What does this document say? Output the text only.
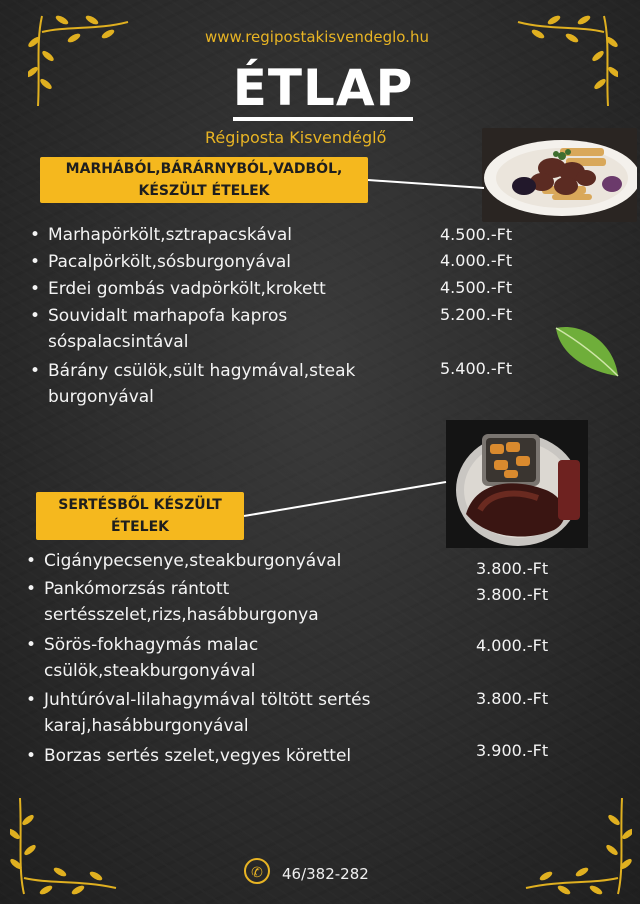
www.regipostakisvendeglo.hu
ÉTLAP
Régiposta Kisvendéglő
MARHÁBÓL,BÁRÁRNYBÓL,VADBÓL,
KÉSZÜLT ÉTELEK
• Marhapörkölt,sztrapacskával	4.500.-Ft
• Pacalpörkölt,sósburgonyával	4.000.-Ft
• Erdei gombás vadpörkölt,krokett	4.500.-Ft
• Souvidalt marhapofa kapros
sóspalacsintával
5.200.-Ft
• Bárány csülök,sült hagymával,steak
burgonyával
5.400.-Ft
SERTÉSBŐL KÉSZÜLT
ÉTELEK
• Cigánypecsenye,steakburgonyával	3.800.-Ft
• Pankómorzsás rántott
sertésszelet,rizs,hasábburgonya
3.800.-Ft
• Sörös-fokhagymás malac
csülök,steakburgonyával
4.000.-Ft
• Juhtúróval-lilahagymával töltött sertés
karaj,hasábburgonyával
3.800.-Ft
• Borzas sertés szelet,vegyes körettel	3.900.-Ft
✆	46/382-282
